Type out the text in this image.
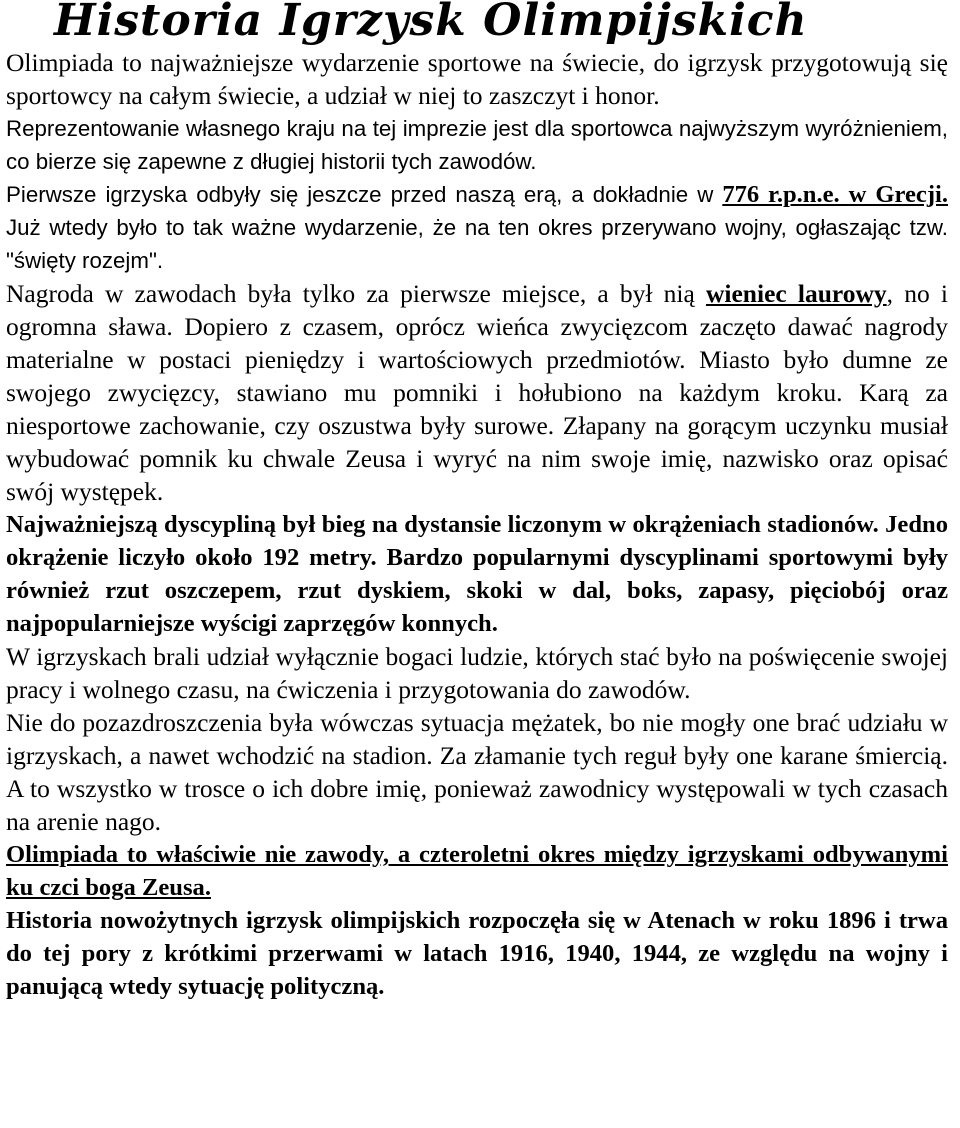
Historia Igrzysk Olimpijskich

Olimpiada to najważniejsze wydarzenie sportowe na świecie, do igrzysk przygotowują się sportowcy na całym świecie, a udział w niej to zaszczyt i honor.

Reprezentowanie własnego kraju na tej imprezie jest dla sportowca najwyższym wyróżnieniem, co bierze się zapewne z długiej historii tych zawodów.

Pierwsze igrzyska odbyły się jeszcze przed naszą erą, a dokładnie w 776 r.p.n.e. w Grecji. Już wtedy było to tak ważne wydarzenie, że na ten okres przerywano wojny, ogłaszając tzw. "święty rozejm".

Nagroda w zawodach była tylko za pierwsze miejsce, a był nią wieniec laurowy, no i ogromna sława. Dopiero z czasem, oprócz wieńca zwycięzcom zaczęto dawać nagrody materialne w postaci pieniędzy i wartościowych przedmiotów. Miasto było dumne ze swojego zwycięzcy, stawiano mu pomniki i hołubiono na każdym kroku. Karą za niesportowe zachowanie, czy oszustwa były surowe. Złapany na gorącym uczynku musiał wybudować pomnik ku chwale Zeusa i wyryć na nim swoje imię, nazwisko oraz opisać swój występek.

Najważniejszą dyscypliną był bieg na dystansie liczonym w okrążeniach stadionów. Jedno okrążenie liczyło około 192 metry. Bardzo popularnymi dyscyplinami sportowymi były również rzut oszczepem, rzut dyskiem, skoki w dal, boks, zapasy, pięciobój oraz najpopularniejsze wyścigi zaprzęgów konnych.

W igrzyskach brali udział wyłącznie bogaci ludzie, których stać było na poświęcenie swojej pracy i wolnego czasu, na ćwiczenia i przygotowania do zawodów.

Nie do pozazdroszczenia była wówczas sytuacja mężatek, bo nie mogły one brać udziału w igrzyskach, a nawet wchodzić na stadion. Za złamanie tych reguł były one karane śmiercią. A to wszystko w trosce o ich dobre imię, ponieważ zawodnicy występowali w tych czasach na arenie nago.

Olimpiada to właściwie nie zawody, a czteroletni okres między igrzyskami odbywanymi ku czci boga Zeusa.

Historia nowożytnych igrzysk olimpijskich rozpoczęła się w Atenach w roku 1896 i trwa do tej pory z krótkimi przerwami w latach 1916, 1940, 1944, ze względu na wojny i panującą wtedy sytuację polityczną.
